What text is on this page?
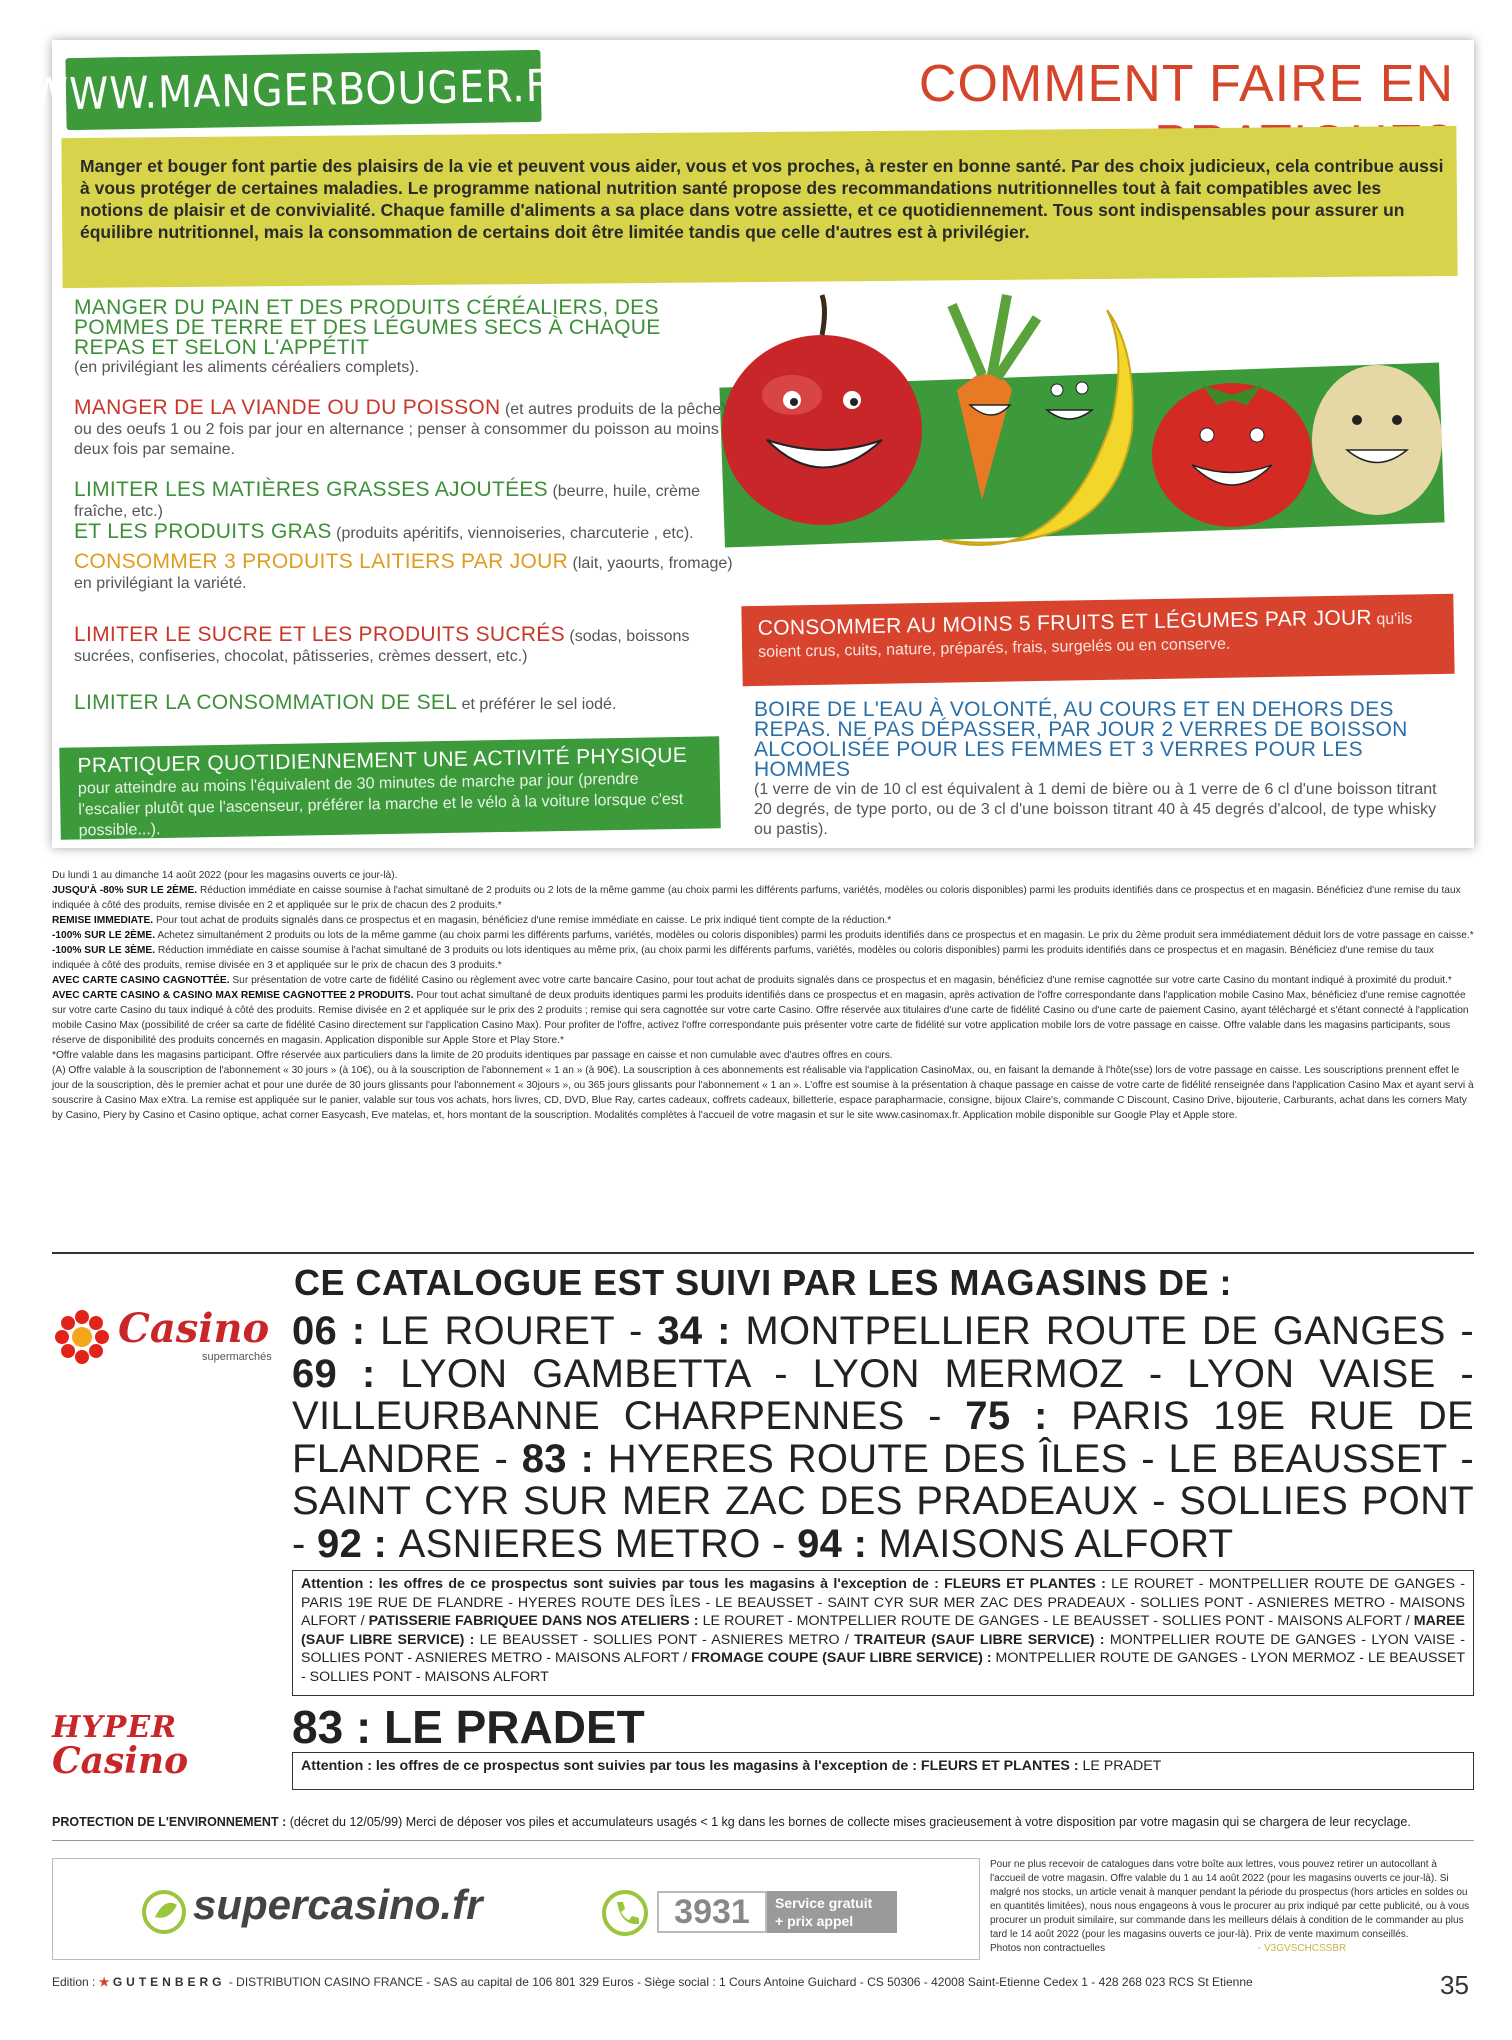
WWW.MANGERBOUGER.FR	COMMENT FAIRE EN
Manger et bouger font partie des plaisirs de la vie et peuvent vous aider, vous et vos proches, à rester en bonne santé. Par des choix judicieux, cela contribue aussi à vous protéger de certaines maladies. Le programme national nutrition santé propose des recommandations nutritionnelles tout à fait compatibles avec les notions de plaisir et de convivialité. Chaque famille d'aliments a sa place dans votre assiette, et ce quotidiennement. Tous sont indispensables pour assurer un équilibre nutritionnel, mais la consommation de certains doit être limitée tandis que celle d'autres est à privilégier.
MANGER DU PAIN ET DES PRODUITS CÉRÉALIERS, DES POMMES DE TERRE ET DES LÉGUMES SECS À CHAQUE REPAS ET SELON L'APPÉTIT
(en privilégiant les aliments céréaliers complets).
MANGER DE LA VIANDE OU DU POISSON (et autres produits de la pêche) ou des oeufs 1 ou 2 fois par jour en alternance ; penser à consommer du poisson au moins deux fois par semaine.
LIMITER LES MATIÈRES GRASSES AJOUTÉES (beurre, huile, crème fraîche, etc.)
ET LES PRODUITS GRAS (produits apéritifs, viennoiseries, charcuterie , etc).
CONSOMMER 3 PRODUITS LAITIERS PAR JOUR (lait, yaourts, fromage) en privilégiant la variété.
LIMITER LE SUCRE ET LES PRODUITS SUCRÉS (sodas, boissons sucrées, confiseries, chocolat, pâtisseries, crèmes dessert, etc.)
LIMITER LA CONSOMMATION DE SEL et préférer le sel iodé.
PRATIQUER QUOTIDIENNEMENT UNE ACTIVITÉ PHYSIQUE pour atteindre au moins l'équivalent de 30 minutes de marche par jour (prendre l'escalier plutôt que l'ascenseur, préférer la marche et le vélo à la voiture lorsque c'est possible...).
CONSOMMER AU MOINS 5 FRUITS ET LÉGUMES PAR JOUR qu'ils soient crus, cuits, nature, préparés, frais, surgelés ou en conserve.
BOIRE DE L'EAU À VOLONTÉ, AU COURS ET EN DEHORS DES REPAS. NE PAS DÉPASSER, PAR JOUR 2 VERRES DE BOISSON ALCOOLISÉE POUR LES FEMMES ET 3 VERRES POUR LES HOMMES
(1 verre de vin de 10 cl est équivalent à 1 demi de bière ou à 1 verre de 6 cl d'une boisson titrant 20 degrés, de type porto, ou de 3 cl d'une boisson titrant 40 à 45 degrés d'alcool, de type whisky ou pastis).

Du lundi 1 au dimanche 14 août 2022 (pour les magasins ouverts ce jour-là).

JUSQU'À -80% SUR LE 2ÈME. Réduction immédiate en caisse soumise à l'achat simultané de 2 produits ou 2 lots de la même gamme (au choix parmi les différents parfums, variétés, modèles ou coloris disponibles) parmi les produits identifiés dans ce prospectus et en magasin. Bénéficiez d'une remise du taux indiquée à côté des produits, remise divisée en 2 et appliquée sur le prix de chacun des 2 produits.*

REMISE IMMEDIATE. Pour tout achat de produits signalés dans ce prospectus et en magasin, bénéficiez d'une remise immédiate en caisse. Le prix indiqué tient compte de la réduction.*

-100% SUR LE 2ÈME. Achetez simultanément 2 produits ou lots de la même gamme (au choix parmi les différents parfums, variétés, modèles ou coloris disponibles) parmi les produits identifiés dans ce prospectus et en magasin. Le prix du 2ème produit sera immédiatement déduit lors de votre passage en caisse.*

-100% SUR LE 3ÈME. Réduction immédiate en caisse soumise à l'achat simultané de 3 produits ou lots identiques au même prix, (au choix parmi les différents parfums, variétés, modèles ou coloris disponibles) parmi les produits identifiés dans ce prospectus et en magasin. Bénéficiez d'une remise du taux indiquée à côté des produits, remise divisée en 3 et appliquée sur le prix de chacun des 3 produits.*

AVEC CARTE CASINO CAGNOTTÉE. Sur présentation de votre carte de fidélité Casino ou règlement avec votre carte bancaire Casino, pour tout achat de produits signalés dans ce prospectus et en magasin, bénéficiez d'une remise cagnottée sur votre carte Casino du montant indiqué à proximité du produit.*

AVEC CARTE CASINO & CASINO MAX REMISE CAGNOTTEE 2 PRODUITS. Pour tout achat simultané de deux produits identiques parmi les produits identifiés dans ce prospectus et en magasin, après activation de l'offre correspondante dans l'application mobile Casino Max, bénéficiez d'une remise cagnottée sur votre carte Casino du taux indiqué à côté des produits. Remise divisée en 2 et appliquée sur le prix des 2 produits ; remise qui sera cagnottée sur votre carte Casino. Offre réservée aux titulaires d'une carte de fidélité Casino ou d'une carte de paiement Casino, ayant téléchargé et s'étant connecté à l'application mobile Casino Max (possibilité de créer sa carte de fidélité Casino directement sur l'application Casino Max). Pour profiter de l'offre, activez l'offre correspondante puis présenter votre carte de fidélité sur votre application mobile lors de votre passage en caisse. Offre valable dans les magasins participants, sous réserve de disponibilité des produits concernés en magasin. Application disponible sur Apple Store et Play Store.*

*Offre valable dans les magasins participant. Offre réservée aux particuliers dans la limite de 20 produits identiques par passage en caisse et non cumulable avec d'autres offres en cours.

(A) Offre valable à la souscription de l'abonnement « 30 jours » (à 10€), ou à la souscription de l'abonnement « 1 an » (à 90€). La souscription à ces abonnements est réalisable via l'application CasinoMax, ou, en faisant la demande à l'hôte(sse) lors de votre passage en caisse. Les souscriptions prennent effet le jour de la souscription, dès le premier achat et pour une durée de 30 jours glissants pour l'abonnement « 30jours », ou 365 jours glissants pour l'abonnement « 1 an ». L'offre est soumise à la présentation à chaque passage en caisse de votre carte de fidélité renseignée dans l'application Casino Max et ayant servi à souscrire à Casino Max eXtra. La remise est appliquée sur le panier, valable sur tous vos achats, hors livres, CD, DVD, Blue Ray, cartes cadeaux, coffrets cadeaux, billetterie, espace parapharmacie, consigne, bijoux Claire's, commande C Discount, Casino Drive, bijouterie, Carburants, achat dans les corners Maty by Casino, Piery by Casino et Casino optique, achat corner Easycash, Eve matelas, et, hors montant de la souscription. Modalités complètes à l'accueil de votre magasin et sur le site www.casinomax.fr. Application mobile disponible sur Google Play et Apple store.

CE CATALOGUE EST SUIVI PAR LES MAGASINS DE :
Casino
supermarchés
06 : LE ROURET - 34 : MONTPELLIER ROUTE DE GANGES - 69 : LYON GAMBETTA - LYON MERMOZ - LYON VAISE - VILLEURBANNE CHARPENNES - 75 : PARIS 19E RUE DE FLANDRE - 83 : HYERES ROUTE DES ÎLES - LE BEAUSSET - SAINT CYR SUR MER ZAC DES PRADEAUX - SOLLIES PONT - 92 : ASNIERES METRO - 94 : MAISONS ALFORT
Attention : les offres de ce prospectus sont suivies par tous les magasins à l'exception de : FLEURS ET PLANTES : LE ROURET - MONTPELLIER ROUTE DE GANGES - PARIS 19E RUE DE FLANDRE - HYERES ROUTE DES ÎLES - LE BEAUSSET - SAINT CYR SUR MER ZAC DES PRADEAUX - SOLLIES PONT - ASNIERES METRO - MAISONS ALFORT / PATISSERIE FABRIQUEE DANS NOS ATELIERS : LE ROURET - MONTPELLIER ROUTE DE GANGES - LE BEAUSSET - SOLLIES PONT - MAISONS ALFORT / MAREE (SAUF LIBRE SERVICE) : LE BEAUSSET - SOLLIES PONT - ASNIERES METRO / TRAITEUR (SAUF LIBRE SERVICE) : MONTPELLIER ROUTE DE GANGES - LYON VAISE - SOLLIES PONT - ASNIERES METRO - MAISONS ALFORT / FROMAGE COUPE (SAUF LIBRE SERVICE) : MONTPELLIER ROUTE DE GANGES - LYON MERMOZ - LE BEAUSSET - SOLLIES PONT - MAISONS ALFORT
HYPER
Casino
83 : LE PRADET
Attention : les offres de ce prospectus sont suivies par tous les magasins à l'exception de : FLEURS ET PLANTES : LE PRADET
PROTECTION DE L'ENVIRONNEMENT : (décret du 12/05/99) Merci de déposer vos piles et accumulateurs usagés < 1 kg dans les bornes de collecte mises gracieusement à votre disposition par votre magasin qui se chargera de leur recyclage.
supercasino.fr	3931	Service gratuit
+ prix appel
Pour ne plus recevoir de catalogues dans votre boîte aux lettres, vous pouvez retirer un autocollant à l'accueil de votre magasin. Offre valable du 1 au 14 août 2022 (pour les magasins ouverts ce jour-là). Si malgré nos stocks, un article venait à manquer pendant la période du prospectus (hors articles en soldes ou en quantités limitées), nous nous engageons à vous le procurer au prix indiqué par cette publicité, ou à vous procurer un produit similaire, sur commande dans les meilleurs délais à condition de le commander au plus tard le 14 août 2022 (pour les magasins ouverts ce jour-là). Prix de vente maximum conseillés.
Photos non contractuelles	- V3GVSCHCSSBR
Edition : ★ GUTENBERG - DISTRIBUTION CASINO FRANCE - SAS au capital de 106 801 329 Euros - Siège social : 1 Cours Antoine Guichard - CS 50306 - 42008 Saint-Etienne Cedex 1 - 428 268 023 RCS St Etienne	35
